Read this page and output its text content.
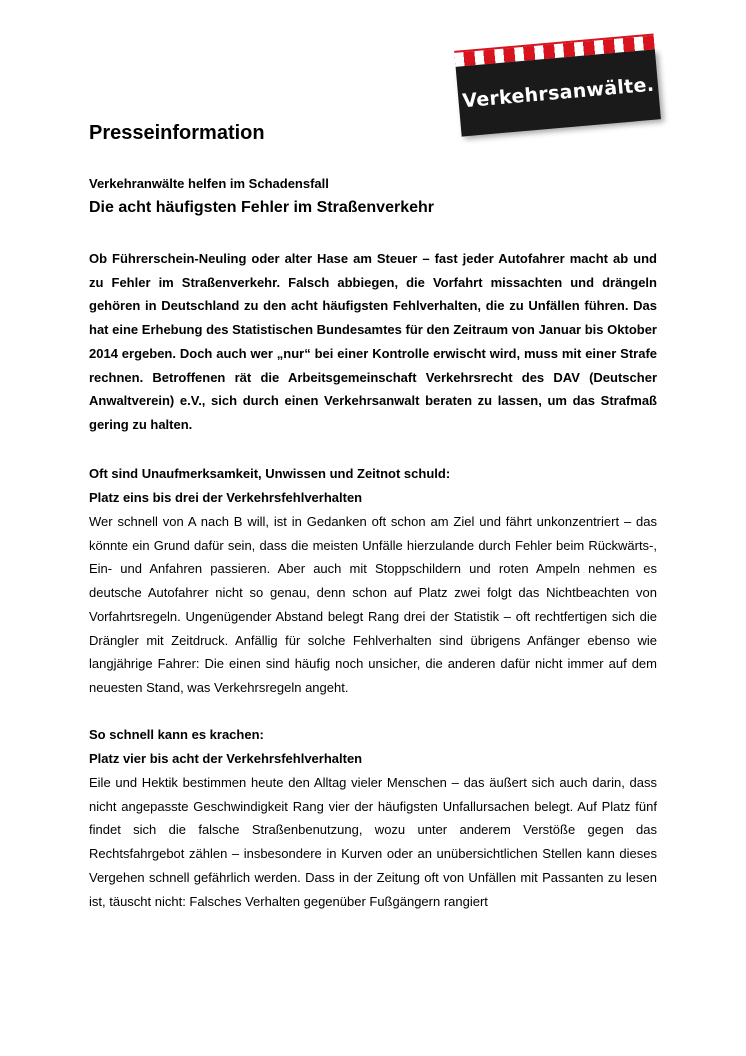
Verkehrsanwälte.
Presseinformation

Verkehranwälte helfen im Schadensfall

Die acht häufigsten Fehler im Straßenverkehr

Ob Führerschein-Neuling oder alter Hase am Steuer – fast jeder Autofahrer macht ab und zu Fehler im Straßenverkehr. Falsch abbiegen, die Vorfahrt missachten und drängeln gehören in Deutschland zu den acht häufigsten Fehlverhalten, die zu Unfällen führen. Das hat eine Erhebung des Statistischen Bundesamtes für den Zeitraum von Januar bis Oktober 2014 ergeben. Doch auch wer „nur“ bei einer Kontrolle erwischt wird, muss mit einer Strafe rechnen. Betroffenen rät die Arbeitsgemeinschaft Verkehrsrecht des DAV (Deutscher Anwaltverein) e.V., sich durch einen Verkehrsanwalt beraten zu lassen, um das Strafmaß gering zu halten.

Oft sind Unaufmerksamkeit, Unwissen und Zeitnot schuld:

Platz eins bis drei der Verkehrsfehlverhalten

Wer schnell von A nach B will, ist in Gedanken oft schon am Ziel und fährt unkonzentriert – das könnte ein Grund dafür sein, dass die meisten Unfälle hierzulande durch Fehler beim Rückwärts-, Ein- und Anfahren passieren. Aber auch mit Stoppschildern und roten Ampeln nehmen es deutsche Autofahrer nicht so genau, denn schon auf Platz zwei folgt das Nichtbeachten von Vorfahrtsregeln. Ungenügender Abstand belegt Rang drei der Statistik – oft rechtfertigen sich die Drängler mit Zeitdruck. Anfällig für solche Fehlverhalten sind übrigens Anfänger ebenso wie langjährige Fahrer: Die einen sind häufig noch unsicher, die anderen dafür nicht immer auf dem neuesten Stand, was Verkehrsregeln angeht.

So schnell kann es krachen:

Platz vier bis acht der Verkehrsfehlverhalten

Eile und Hektik bestimmen heute den Alltag vieler Menschen – das äußert sich auch darin, dass nicht angepasste Geschwindigkeit Rang vier der häufigsten Unfallursachen belegt. Auf Platz fünf findet sich die falsche Straßenbenutzung, wozu unter anderem Verstöße gegen das Rechtsfahrgebot zählen – insbesondere in Kurven oder an unübersichtlichen Stellen kann dieses Vergehen schnell gefährlich werden. Dass in der Zeitung oft von Unfällen mit Passanten zu lesen ist, täuscht nicht: Falsches Verhalten gegenüber Fußgängern rangiert
